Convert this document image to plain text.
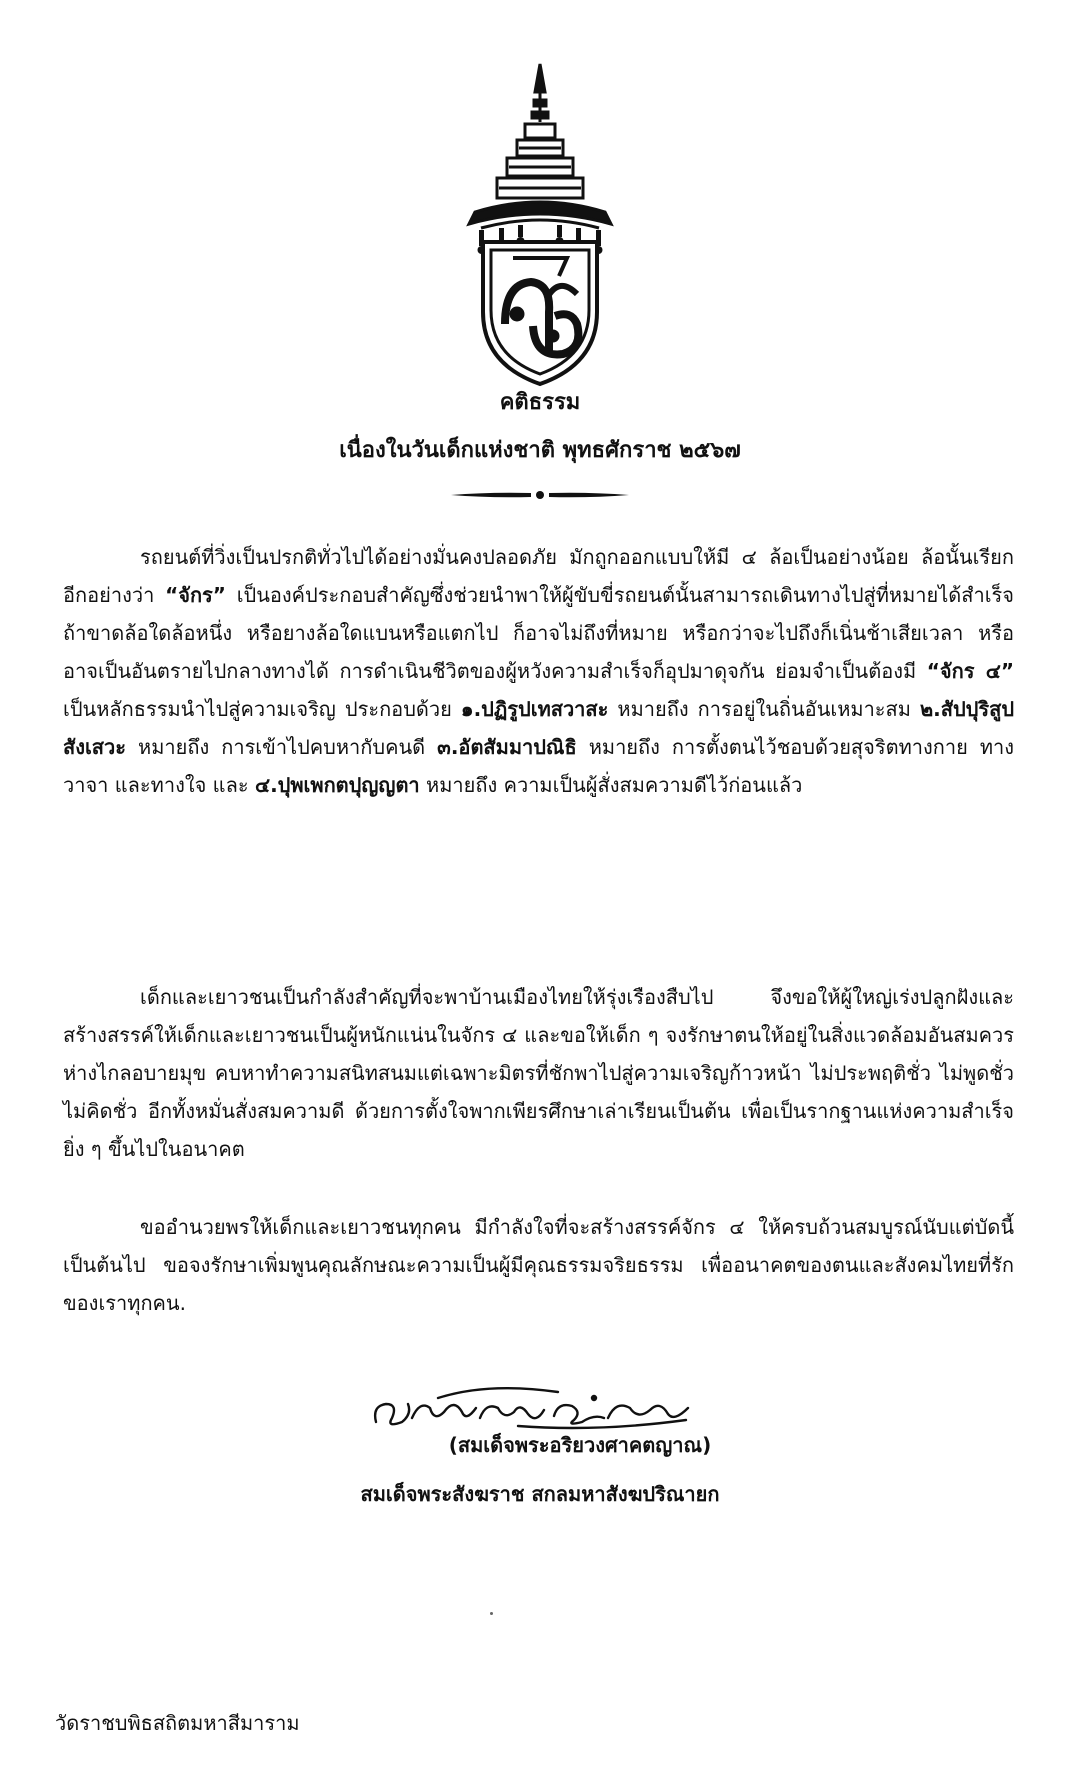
คติธรรม
เนื่องในวันเด็กแห่งชาติ พุทธศักราช ๒๕๖๗

รถยนต์ที่วิ่งเป็นปรกติทั่วไปได้อย่างมั่นคงปลอดภัย มักถูกออกแบบให้มี ๔ ล้อเป็นอย่างน้อย ล้อนั้นเรียกอีกอย่างว่า “จักร” เป็นองค์ประกอบสำคัญซึ่งช่วยนำพาให้ผู้ขับขี่รถยนต์นั้นสามารถเดินทางไปสู่ที่หมายได้สำเร็จ ถ้าขาดล้อใดล้อหนึ่ง หรือยางล้อใดแบนหรือแตกไป ก็อาจไม่ถึงที่หมาย หรือกว่าจะไปถึงก็เนิ่นช้าเสียเวลา หรืออาจเป็นอันตรายไปกลางทางได้ การดำเนินชีวิตของผู้หวังความสำเร็จก็อุปมาดุจกัน ย่อมจำเป็นต้องมี “จักร ๔” เป็นหลักธรรมนำไปสู่ความเจริญ ประกอบด้วย ๑.ปฏิรูปเทสวาสะ หมายถึง การอยู่ในถิ่นอันเหมาะสม ๒.สัปปุริสูปสังเสวะ หมายถึง การเข้าไปคบหากับคนดี ๓.อัตสัมมาปณิธิ หมายถึง การตั้งตนไว้ชอบด้วยสุจริตทางกาย ทางวาจา และทางใจ และ ๔.ปุพเพกตปุญญตา หมายถึง ความเป็นผู้สั่งสมความดีไว้ก่อนแล้ว

เด็กและเยาวชนเป็นกำลังสำคัญที่จะพาบ้านเมืองไทยให้รุ่งเรืองสืบไป จึงขอให้ผู้ใหญ่เร่งปลูกฝังและสร้างสรรค์ให้เด็กและเยาวชนเป็นผู้หนักแน่นในจักร ๔ และขอให้เด็ก ๆ จงรักษาตนให้อยู่ในสิ่งแวดล้อมอันสมควร ห่างไกลอบายมุข คบหาทำความสนิทสนมแต่เฉพาะมิตรที่ชักพาไปสู่ความเจริญก้าวหน้า ไม่ประพฤติชั่ว ไม่พูดชั่ว ไม่คิดชั่ว อีกทั้งหมั่นสั่งสมความดี ด้วยการตั้งใจพากเพียรศึกษาเล่าเรียนเป็นต้น เพื่อเป็นรากฐานแห่งความสำเร็จยิ่ง ๆ ขึ้นไปในอนาคต

ขออำนวยพรให้เด็กและเยาวชนทุกคน มีกำลังใจที่จะสร้างสรรค์จักร ๔ ให้ครบถ้วนสมบูรณ์นับแต่บัดนี้เป็นต้นไป ขอจงรักษาเพิ่มพูนคุณลักษณะความเป็นผู้มีคุณธรรมจริยธรรม เพื่ออนาคตของตนและสังคมไทยที่รักของเราทุกคน.

(สมเด็จพระอริยวงศาคตญาณ)
สมเด็จพระสังฆราช สกลมหาสังฆปริณายก
วัดราชบพิธสถิตมหาสีมาราม
